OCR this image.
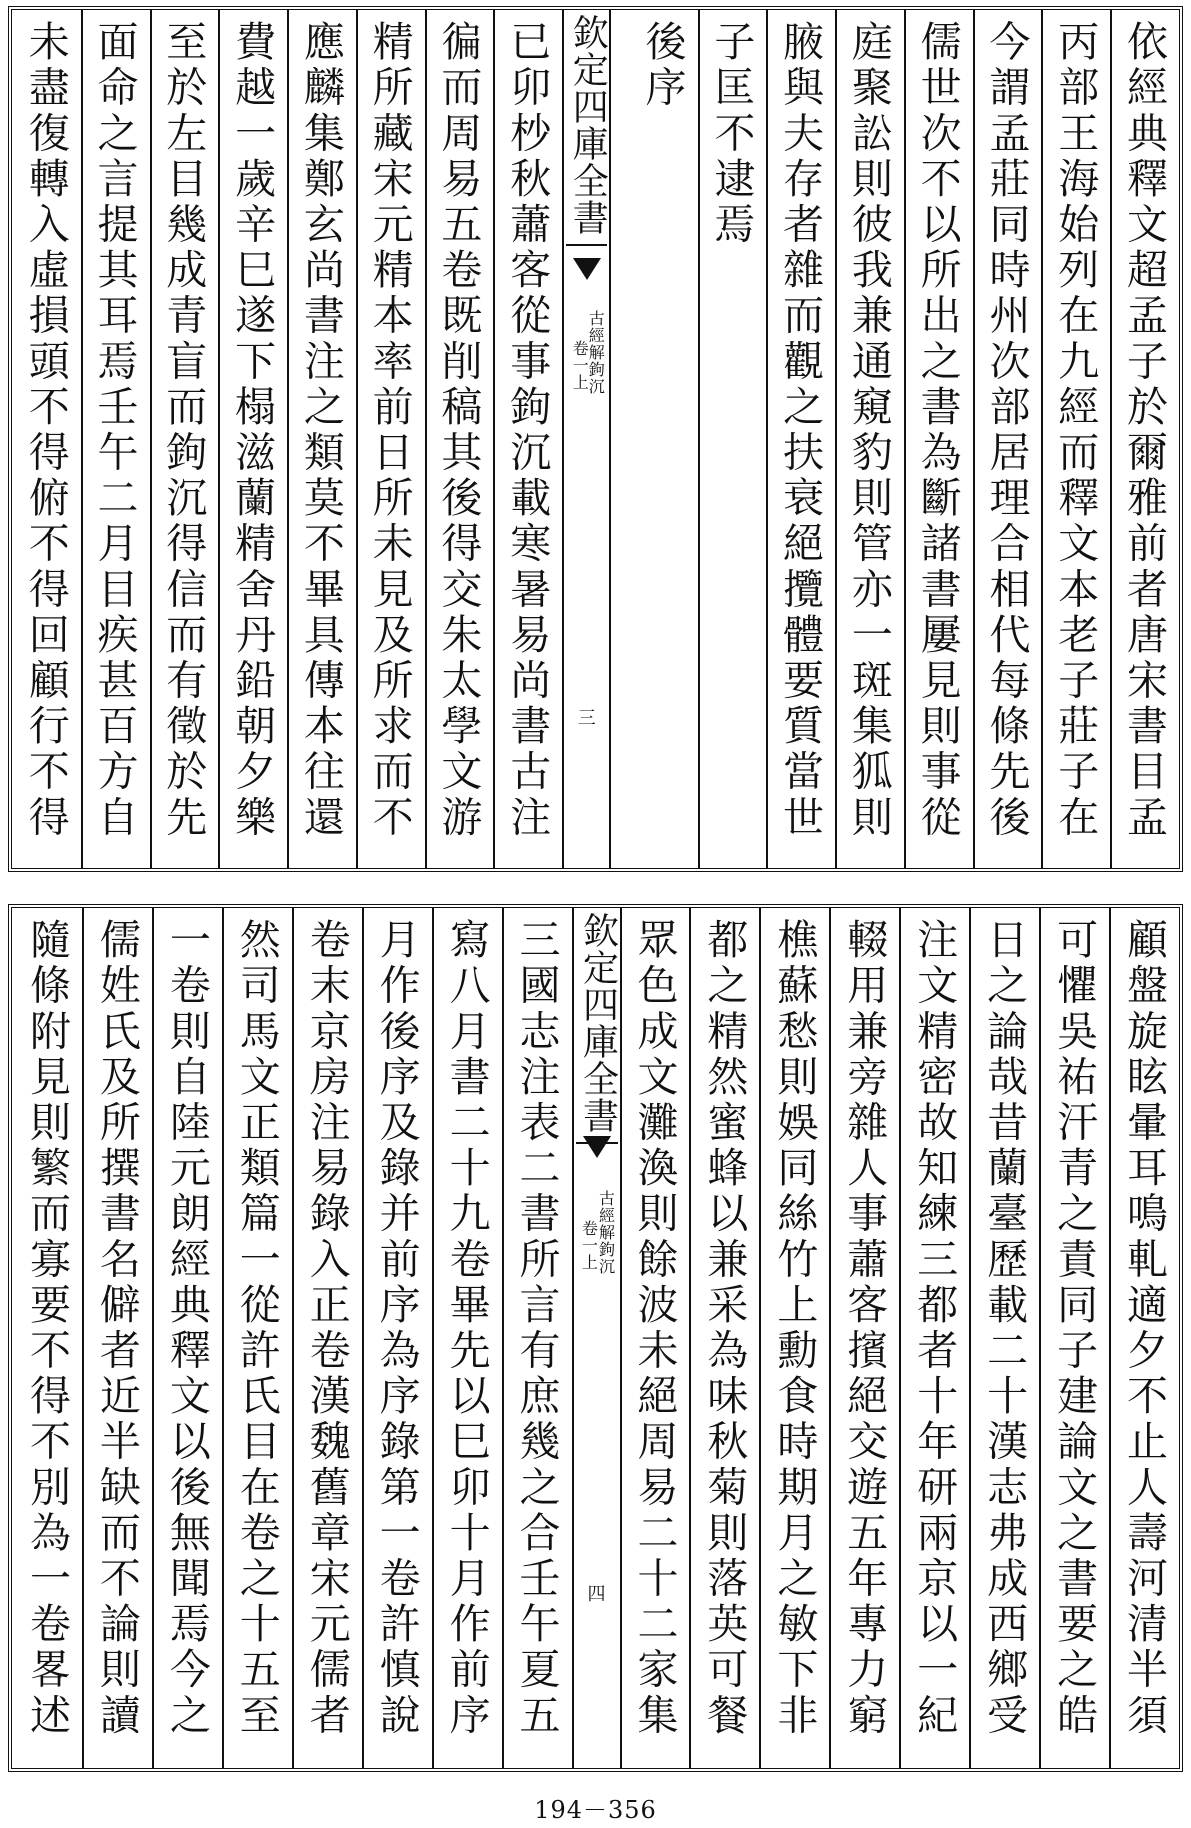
依經典釋文超孟子於爾雅前者唐宋書目孟
丙部王海始列在九經而釋文本老子莊子在
今謂孟莊同時州次部居理合相代每條先後
儒世次不以所出之書為斷諸書屢見則事從
庭聚訟則彼我兼通窺豹則管亦一斑集狐則
腋與夫存者雜而觀之扶衰絕攬體要質當世
子匡不逮焉
後序
欽定四庫全書
古經解鉤沉
卷一上
三
已卯杪秋蕭客從事鉤沉載寒暑易尚書古注
徧而周易五卷既削稿其後得交朱太學文游
精所藏宋元精本率前日所未見及所求而不
應麟集鄭玄尚書注之類莫不畢具傳本往還
費越一歲辛巳遂下榻滋蘭精舍丹鉛朝夕樂
至於左目幾成青盲而鉤沉得信而有徵於先
面命之言提其耳焉壬午二月目疾甚百方自
未盡復轉入虛損頭不得俯不得回顧行不得
顧盤旋眩暈耳鳴軋適夕不止人壽河清半須
可懼吳祐汗青之責同子建論文之書要之皓
日之論哉昔蘭臺歷載二十漢志弗成西鄉受
注文精密故知練三都者十年研兩京以一紀
輟用兼旁雜人事蕭客擯絕交遊五年專力窮
樵蘇愁則娛同絲竹上勳食時期月之敏下非
都之精然蜜蜂以兼采為味秋菊則落英可餐
眾色成文灘渙則餘波未絕周易二十二家集
欽定四庫全書
古經解鉤沉
卷一上
四
三國志注表二書所言有庶幾之合壬午夏五
寫八月書二十九卷畢先以巳卯十月作前序
月作後序及錄并前序為序錄第一卷許慎說
卷末京房注易錄入正卷漢魏舊章宋元儒者
然司馬文正類篇一從許氏目在卷之十五至
一卷則自陸元朗經典釋文以後無聞焉今之
儒姓氏及所撰書名僻者近半缺而不論則讀
隨條附見則繁而寡要不得不別為一卷畧述
194－356
